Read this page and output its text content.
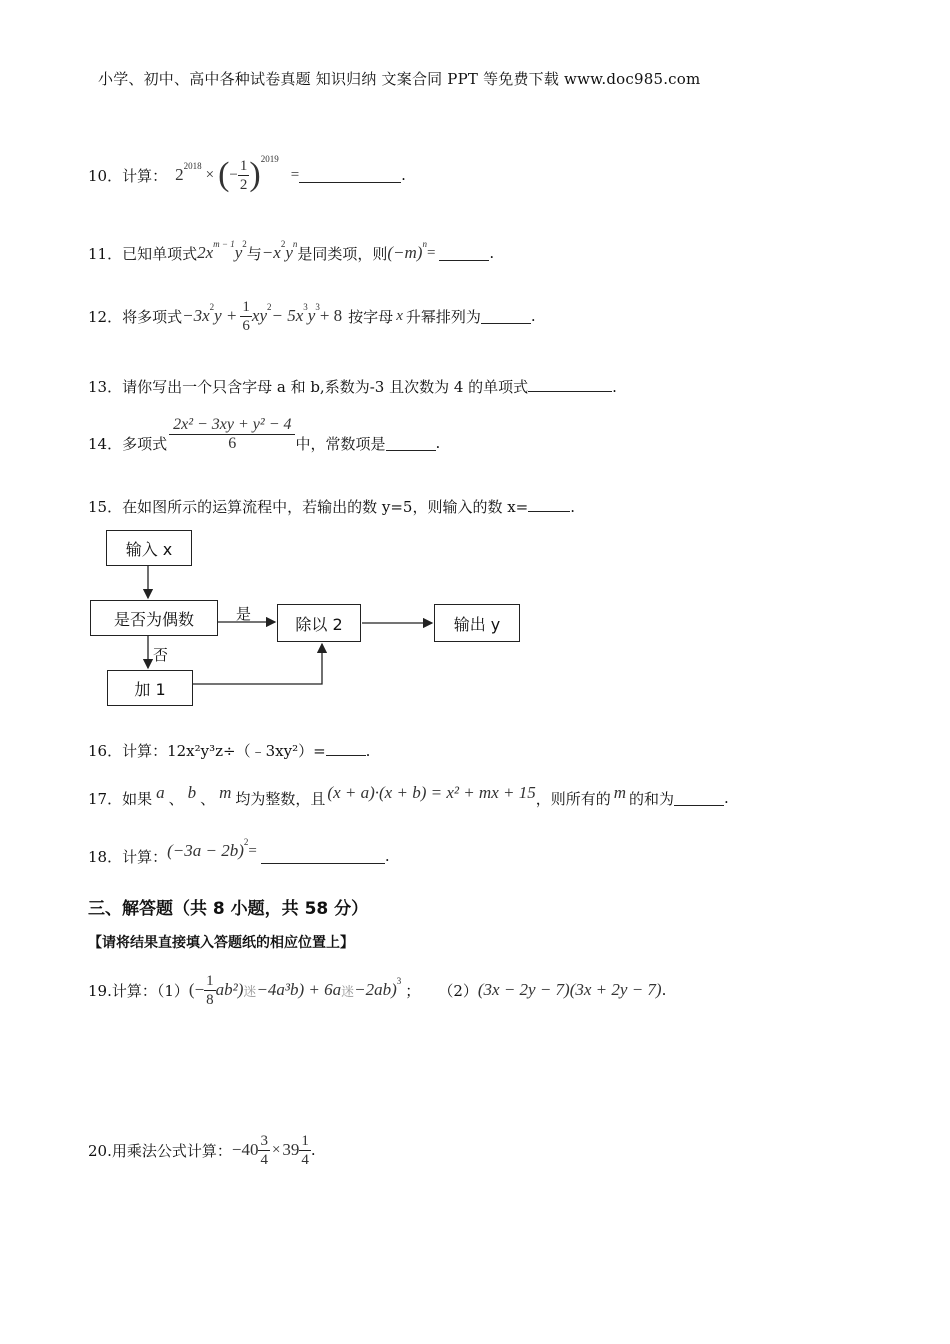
小学、初中、高中各种试卷真题 知识归纳 文案合同 PPT 等免费下载 www.doc985.com
10．计算： 2 2018
× ( − $\frac{1}{2}$ ) 2019
=	.
11．已知单项式 2x m − 1 y 2
与 −x 2 y n
是同类项，则 (−m) n
=	.
12．将多项式 −3x 2 $y + \frac{1}{6}$ xy 2 − 5x 3 y 3 + 8 按字母 x 升幂排列为	.
13．请你写出一个只含字母 a 和 b,系数为-3 且次数为 4 的单项式	.
14．多项式 $\frac{\text{2x² − 3xy + y² − 4}}{6}$ 中，常数项是	.
15．在如图所示的运算流程中，若输出的数 y=5，则输入的数 x=	.
输入 x
是否为偶数	除以 2	输出 y
加 1
是
否
16．计算：12x²y³z÷（﹣3xy²）=	.
17．如果 a 、 b 、 m 均为整数，且 (x + a)·(x + b) = x² + mx + 15 ，则所有的 m 的和为	.
18．计算： (−3a − 2b) 2
=	.
三、解答题（共 8 小题，共 58 分）
【请将结果直接填入答题纸的相应位置上】
19.计算：（1） (− $\frac{1}{8} ab^2$) 迷 −4a³b) + 6a 迷 −2ab) 3
； （2） (3x − 2y − 7)(3x + 2y − 7) .
20.用乘法公式计算： $-40 \frac{3}{4} \times 39 \frac{1}{4}$ .
